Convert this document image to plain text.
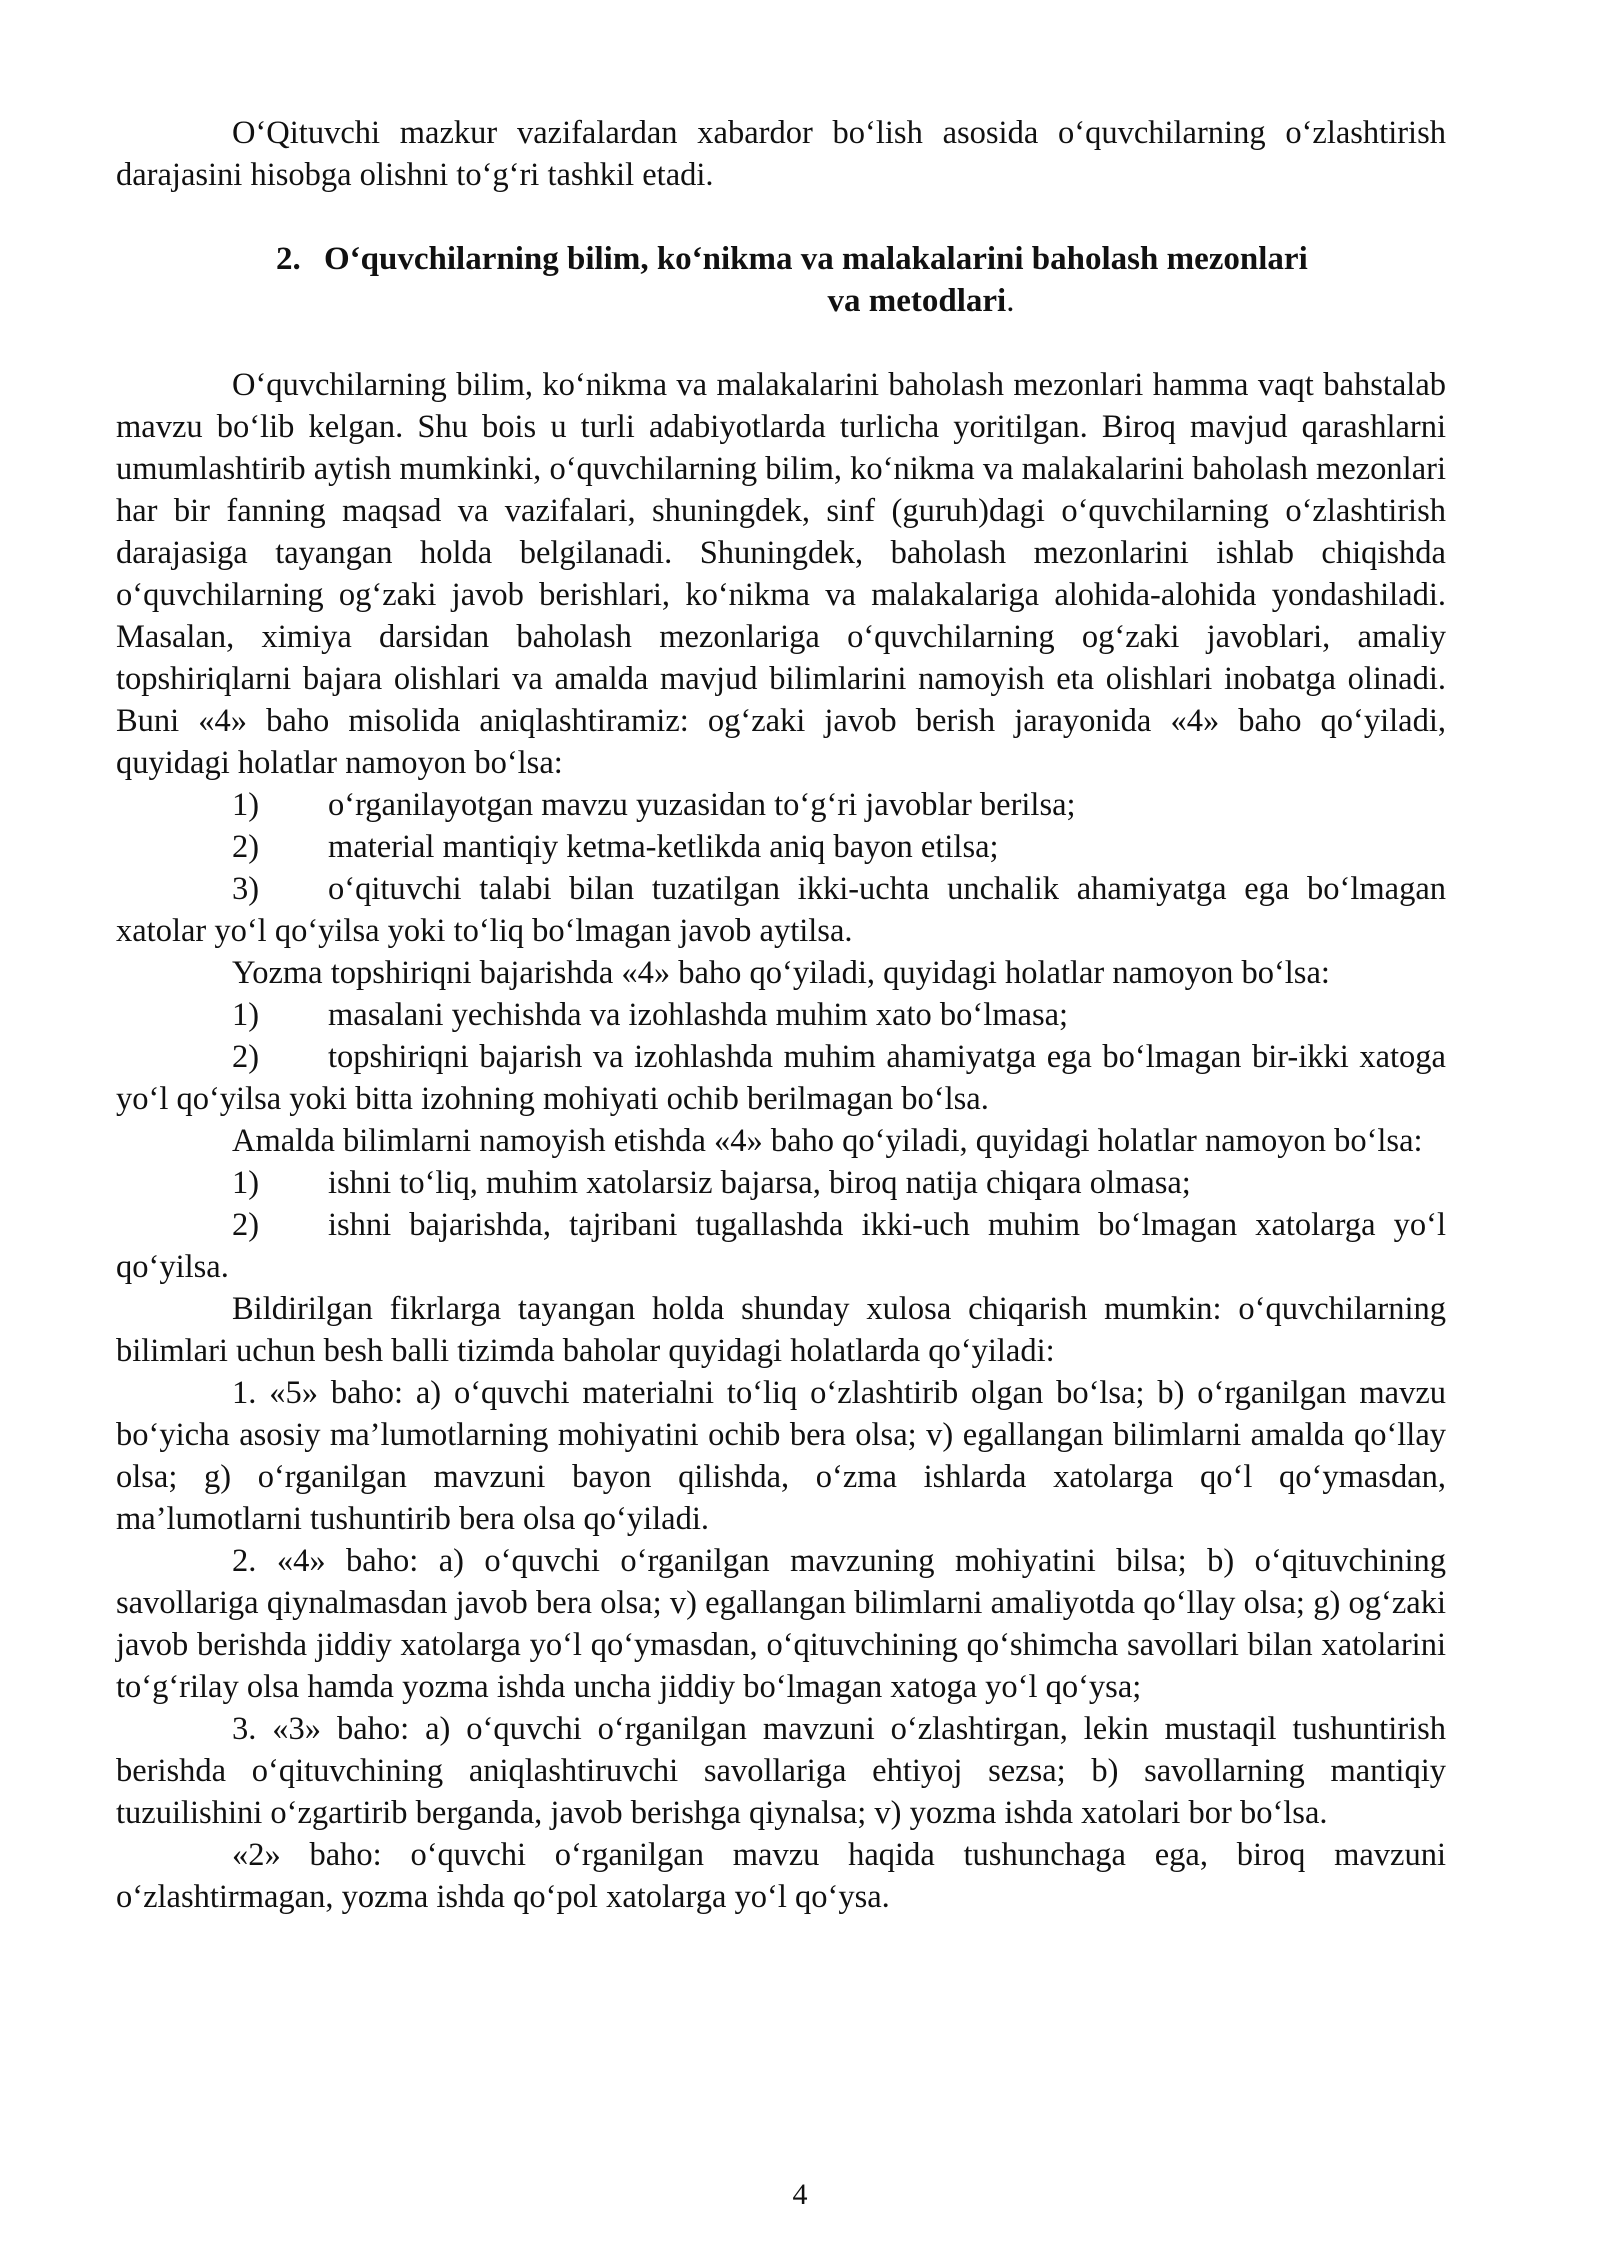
O‘Qituvchi mazkur vazifalardan xabardor bo‘lish asosida o‘quvchilarning o‘zlashtirish darajasini hisobga olishni to‘g‘ri tashkil etadi.

2. O‘quvchilarning bilim, ko‘nikma va malakalarini baholash mezonlari
va metodlari.

O‘quvchilarning bilim, ko‘nikma va malakalarini baholash mezonlari hamma vaqt bahstalab mavzu bo‘lib kelgan. Shu bois u turli adabiyotlarda turlicha yoritilgan. Biroq mavjud qarashlarni umumlashtirib aytish mumkinki, o‘quvchilarning bilim, ko‘nikma va malakalarini baholash mezonlari har bir fanning maqsad va vazifalari, shuningdek, sinf (guruh)dagi o‘quvchilarning o‘zlashtirish darajasiga tayangan holda belgilanadi. Shuningdek, baholash mezonlarini ishlab chiqishda o‘quvchilarning og‘zaki javob berishlari, ko‘nikma va malakalariga alohida-alohida yondashiladi. Masalan, ximiya darsidan baholash mezonlariga o‘quvchilarning og‘zaki javoblari, amaliy topshiriqlarni bajara olishlari va amalda mavjud bilimlarini namoyish eta olishlari inobatga olinadi. Buni «4» baho misolida aniqlashtiramiz: og‘zaki javob berish jarayonida «4» baho qo‘yiladi, quyidagi holatlar namoyon bo‘lsa:

1) o‘rganilayotgan mavzu yuzasidan to‘g‘ri javoblar berilsa;

2) material mantiqiy ketma-ketlikda aniq bayon etilsa;

3) o‘qituvchi talabi bilan tuzatilgan ikki-uchta unchalik ahamiyatga ega bo‘lmagan xatolar yo‘l qo‘yilsa yoki to‘liq bo‘lmagan javob aytilsa.

Yozma topshiriqni bajarishda «4» baho qo‘yiladi, quyidagi holatlar namoyon bo‘lsa:

1) masalani yechishda va izohlashda muhim xato bo‘lmasa;

2) topshiriqni bajarish va izohlashda muhim ahamiyatga ega bo‘lmagan bir-ikki xatoga yo‘l qo‘yilsa yoki bitta izohning mohiyati ochib berilmagan bo‘lsa.

Amalda bilimlarni namoyish etishda «4» baho qo‘yiladi, quyidagi holatlar namoyon bo‘lsa:

1) ishni to‘liq, muhim xatolarsiz bajarsa, biroq natija chiqara olmasa;

2) ishni bajarishda, tajribani tugallashda ikki-uch muhim bo‘lmagan xatolarga yo‘l qo‘yilsa.

Bildirilgan fikrlarga tayangan holda shunday xulosa chiqarish mumkin: o‘quvchilarning bilimlari uchun besh balli tizimda baholar quyidagi holatlarda qo‘yiladi:

1. «5» baho: a) o‘quvchi materialni to‘liq o‘zlashtirib olgan bo‘lsa; b) o‘rganilgan mavzu bo‘yicha asosiy ma’lumotlarning mohiyatini ochib bera olsa; v) egallangan bilimlarni amalda qo‘llay olsa; g) o‘rganilgan mavzuni bayon qilishda, o‘zma ishlarda xatolarga qo‘l qo‘ymasdan, ma’lumotlarni tushuntirib bera olsa qo‘yiladi.

2. «4» baho: a) o‘quvchi o‘rganilgan mavzuning mohiyatini bilsa; b) o‘qituvchining savollariga qiynalmasdan javob bera olsa; v) egallangan bilimlarni amaliyotda qo‘llay olsa; g) og‘zaki javob berishda jiddiy xatolarga yo‘l qo‘ymasdan, o‘qituvchining qo‘shimcha savollari bilan xatolarini to‘g‘rilay olsa hamda yozma ishda uncha jiddiy bo‘lmagan xatoga yo‘l qo‘ysa;

3. «3» baho: a) o‘quvchi o‘rganilgan mavzuni o‘zlashtirgan, lekin mustaqil tushuntirish berishda o‘qituvchining aniqlashtiruvchi savollariga ehtiyoj sezsa; b) savollarning mantiqiy tuzuilishini o‘zgartirib berganda, javob berishga qiynalsa; v) yozma ishda xatolari bor bo‘lsa.

«2» baho: o‘quvchi o‘rganilgan mavzu haqida tushunchaga ega, biroq mavzuni o‘zlashtirmagan, yozma ishda qo‘pol xatolarga yo‘l qo‘ysa.

4
